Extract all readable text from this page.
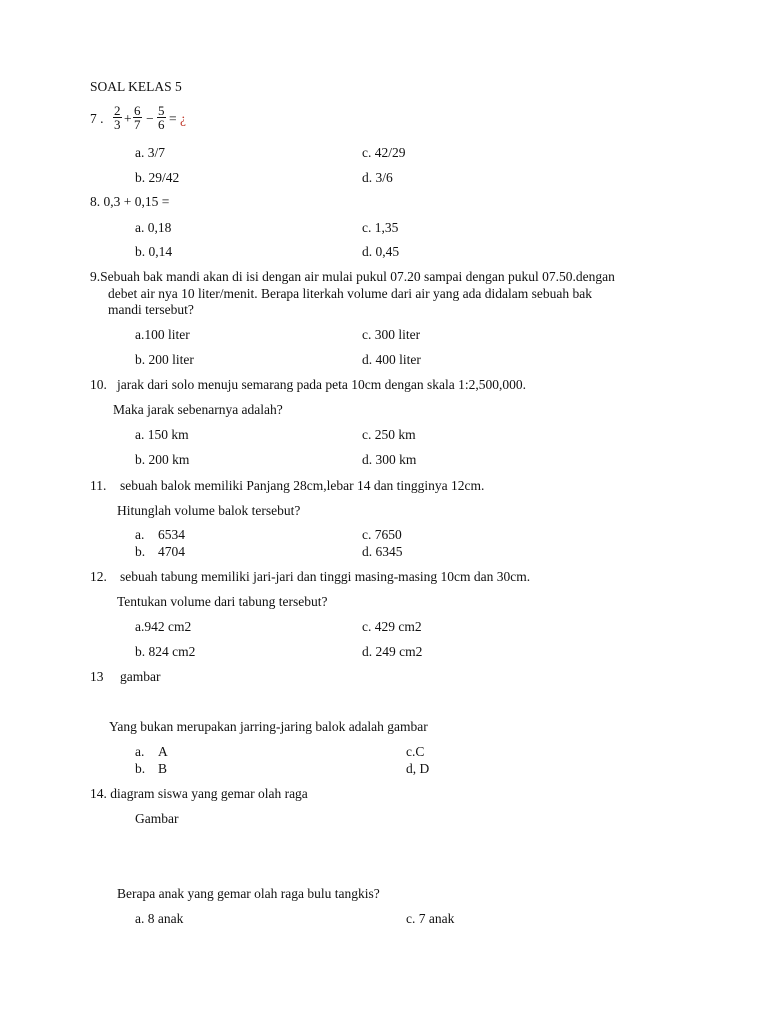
SOAL KELAS 5
7 . $\frac{2}{3} + \frac{6}{7} - \frac{5}{6}$ = ¿
a. 3/7	c. 42/29
b. 29/42	d. 3/6
8. 0,3 + 0,15 =
a. 0,18	c. 1,35
b. 0,14	d. 0,45
9.Sebuah bak mandi akan di isi dengan air mulai pukul 07.20 sampai dengan pukul 07.50.dengan
debet air nya 10 liter/menit. Berapa literkah volume dari air yang ada didalam sebuah bak
mandi tersebut?
a.100 liter	c. 300 liter
b. 200 liter	d. 400 liter
10. jarak dari solo menuju semarang pada peta 10cm dengan skala 1:2,500,000.
Maka jarak sebenarnya adalah?
a. 150 km	c. 250 km
b. 200 km	d. 300 km
11. sebuah balok memiliki Panjang 28cm,lebar 14 dan tingginya 12cm.
Hitunglah volume balok tersebut?
a. 6534	c. 7650
b. 4704	d. 6345
12. sebuah tabung memiliki jari-jari dan tinggi masing-masing 10cm dan 30cm.
Tentukan volume dari tabung tersebut?
a.942 cm2	c. 429 cm2
b. 824 cm2	d. 249 cm2
13 gambar
Yang bukan merupakan jarring-jaring balok adalah gambar
a. A	c.C
b. B	d, D
14. diagram siswa yang gemar olah raga
Gambar
Berapa anak yang gemar olah raga bulu tangkis?
a. 8 anak	c. 7 anak
